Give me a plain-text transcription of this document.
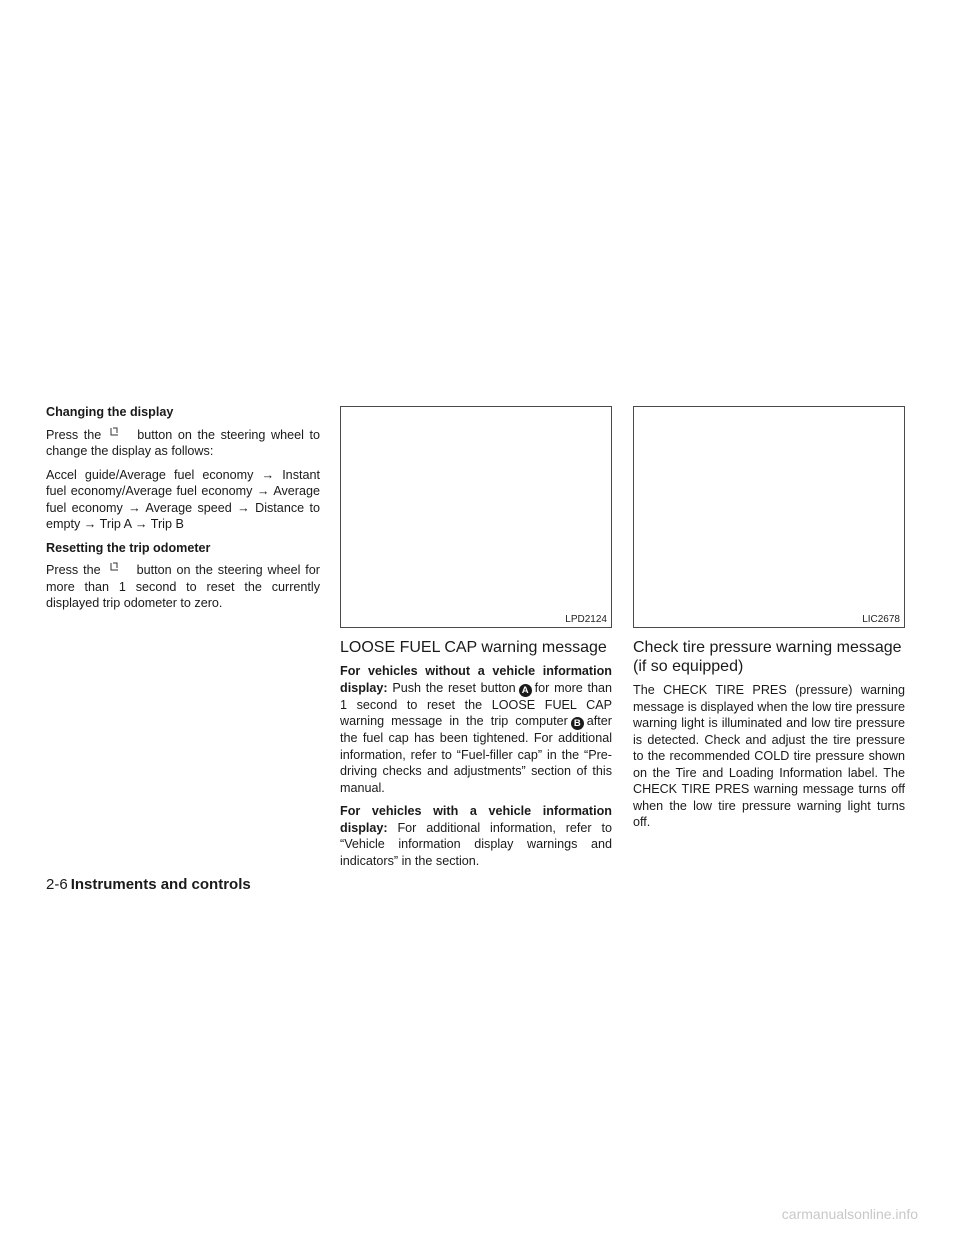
Changing the display

Press the	button on the steering wheel to change the display as follows:

Accel guide/Average fuel economy → Instant fuel economy/Average fuel economy → Average fuel economy → Average speed → Distance to empty → Trip A → Trip B

Resetting the trip odometer

Press the	button on the steering wheel for more than 1 second to reset the currently displayed trip odometer to zero.

LPD2124
LOOSE FUEL CAP warning message

For vehicles without a vehicle information display: Push the reset button A for more than 1 second to reset the LOOSE FUEL CAP warning message in the trip computer B after the fuel cap has been tightened. For additional information, refer to “Fuel-filler cap” in the “Pre-driving checks and adjustments” section of this manual.

For vehicles with a vehicle information display: For additional information, refer to “Vehicle information display warnings and indicators” in the section.

LIC2678
Check tire pressure warning message (if so equipped)

The CHECK TIRE PRES (pressure) warning message is displayed when the low tire pressure warning light is illuminated and low tire pressure is detected. Check and adjust the tire pressure to the recommended COLD tire pressure shown on the Tire and Loading Information label. The CHECK TIRE PRES warning message turns off when the low tire pressure warning light turns off.

2-6 Instruments and controls
carmanualsonline.info
